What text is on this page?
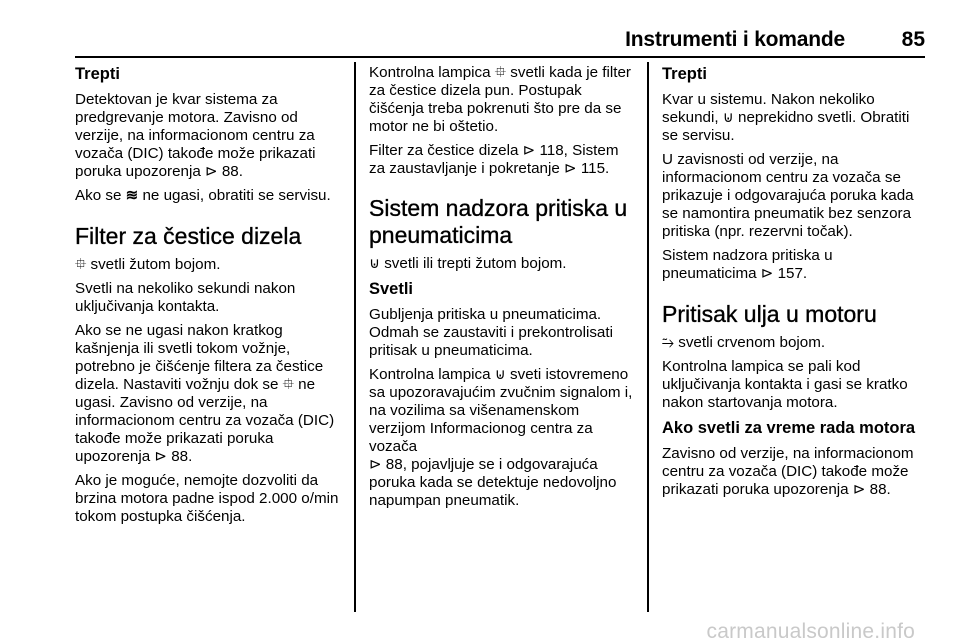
Instrumenti i komande	85
Trepti

Detektovan je kvar sistema za predgrevanje motora. Zavisno od verzije, na informacionom centru za vozača (DIC) takođe može prikazati poruka upozorenja ⊳ 88.

Ako se ≋ ne ugasi, obratiti se servisu.

Filter za čestice dizela

⯐ svetli žutom bojom.

Svetli na nekoliko sekundi nakon uključivanja kontakta.

Ako se ne ugasi nakon kratkog kašnjenja ili svetli tokom vožnje, potrebno je čišćenje filtera za čestice dizela. Nastaviti vožnju dok se ⯐ ne ugasi. Zavisno od verzije, na informacionom centru za vozača (DIC) takođe može prikazati poruka upozorenja ⊳ 88.

Ako je moguće, nemojte dozvoliti da brzina motora padne ispod 2.000 o/min tokom postupka čišćenja.

Kontrolna lampica ⯐ svetli kada je filter za čestice dizela pun. Postupak čišćenja treba pokrenuti što pre da se motor ne bi oštetio.

Filter za čestice dizela ⊳ 118, Sistem za zaustavljanje i pokretanje ⊳ 115.

Sistem nadzora pritiska u pneumaticima

⊍ svetli ili trepti žutom bojom.

Svetli

Gubljenja pritiska u pneumaticima. Odmah se zaustaviti i prekontrolisati pritisak u pneumaticima.

Kontrolna lampica ⊍ sveti istovremeno sa upozoravajućim zvučnim signalom i, na vozilima sa višenamenskom verzijom Informacionog centra za vozača
⊳ 88, pojavljuje se i odgovarajuća poruka kada se detektuje nedovoljno napumpan pneumatik.

Trepti

Kvar u sistemu. Nakon nekoliko sekundi, ⊍ neprekidno svetli. Obratiti se servisu.

U zavisnosti od verzije, na informacionom centru za vozača se prikazuje i odgovarajuća poruka kada se namontira pneumatik bez senzora pritiska (npr. rezervni točak).

Sistem nadzora pritiska u pneumaticima ⊳ 157.

Pritisak ulja u motoru

⥲ svetli crvenom bojom.

Kontrolna lampica se pali kod uključivanja kontakta i gasi se kratko nakon startovanja motora.

Ako svetli za vreme rada motora

Zavisno od verzije, na informacionom centru za vozača (DIC) takođe može prikazati poruka upozorenja ⊳ 88.

carmanualsonline.info
